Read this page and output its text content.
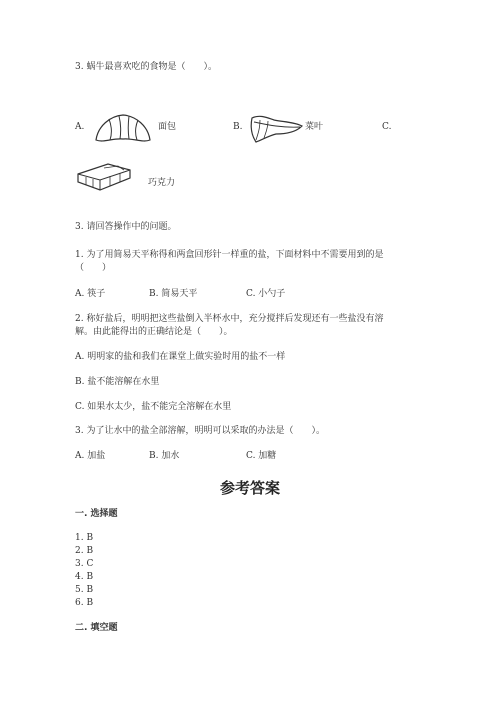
3. 蜗牛最喜欢吃的食物是（　　）。
A.	面包	B.	菜叶	C.
巧克力
3. 请回答操作中的问题。
1. 为了用简易天平称得和两盒回形针一样重的盐，下面材料中不需要用到的是
（　　）
A. 筷子	B. 简易天平	C. 小勺子
2. 称好盐后，明明把这些盐倒入半杯水中，充分搅拌后发现还有一些盐没有溶
解。由此能得出的正确结论是（　　）。
A. 明明家的盐和我们在课堂上做实验时用的盐不一样
B. 盐不能溶解在水里
C. 如果水太少，盐不能完全溶解在水里
3. 为了让水中的盐全部溶解，明明可以采取的办法是（　　）。
A. 加盐	B. 加水	C. 加糖
参考答案
一. 选择题
1. B
2. B
3. C
4. B
5. B
6. B
二. 填空题
